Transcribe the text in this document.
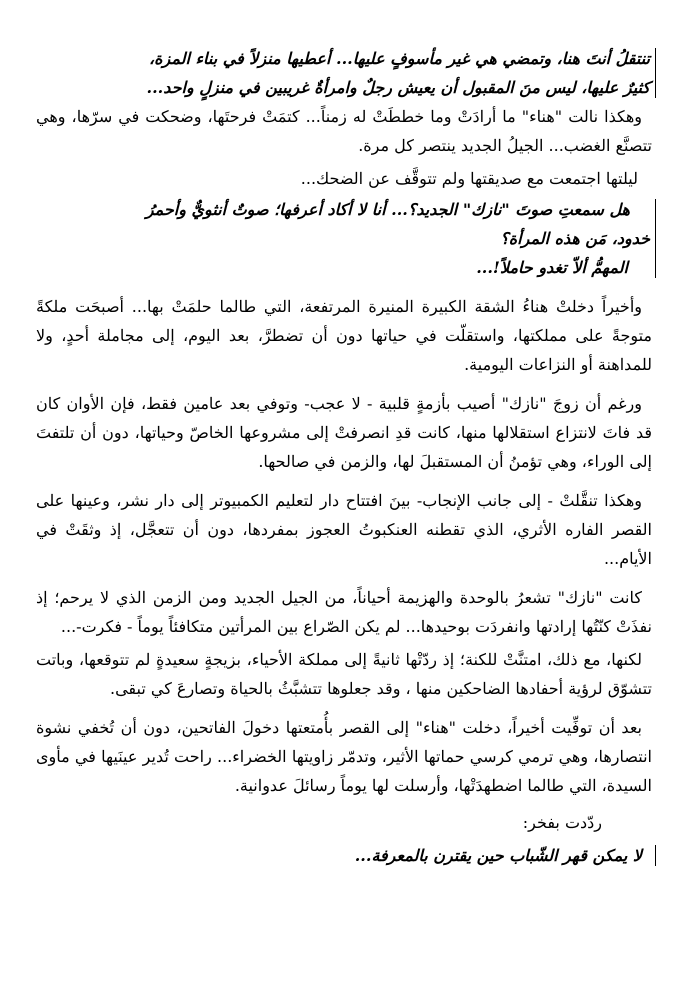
تنتقلُ أنتَ هنا، وتمضي هي غير مأسوفٍ عليها... أعطيها منزلاً في بناء المزة،

كثيرٌ عليها، ليس منَ المقبول أن يعيش رجلٌ وامرأةٌ غريبين في منزلٍ واحد...

وهكذا نالت "هناء" ما أرادَتْ وما خططَتْ له زمناً... كتمَتْ فرحتَها، وضحكت في سرّها، وهي تتصنَّع الغضب... الجيلُ الجديد ينتصر كل مرة.

ليلتها اجتمعت مع صديقتها ولم تتوقَّف عن الضحك...

هل سمعتِ صوتَ "نازك" الجديد؟... أنا لا أكاد أعرفها؛ صوتٌ أنثويٌّ وأحمرُ

خدود، مَن هذه المرأة؟

المهمُّ ألاّ تغدو حاملاً!...

وأخيراً دخلتْ هناءُ الشقة الكبيرة المنيرة المرتفعة، التي طالما حلمَتْ بها... أصبحَت ملكةً متوجةً على مملكتها، واستقلّت في حياتها دون أن تضطرَّ، بعد اليوم، إلى مجاملة أحدٍ، ولا للمداهنة أو النزاعات اليومية.

ورغم أن زوجَ "نازك" أصيب بأزمةٍ قلبية - لا عجب- وتوفي بعد عامين فقط، فإن الأوان كان قد فاتَ لانتزاع استقلالها منها، كانت قدِ انصرفتْ إلى مشروعها الخاصّ وحياتها، دون أن تلتفتَ إلى الوراء، وهي تؤمنُ أن المستقبلَ لها، والزمن في صالحها.

وهكذا تنقَّلتْ - إلى جانب الإنجاب- بينَ افتتاح دار لتعليم الكمبيوتر إلى دار نشر، وعينها على القصر الفاره الأثري، الذي تقطنه العنكبوتُ العجوز بمفردها، دون أن تتعجَّل، إذ وثقَتْ في الأيام...

كانت "نازك" تشعرُ بالوحدة والهزيمة أحياناً، من الجيل الجديد ومن الزمن الذي لا يرحم؛ إذ نفذَتْ كنّتُها إرادتها وانفردَت بوحيدها... لم يكن الصّراع بين المرأتين متكافئاً يوماً - فكرت-...

لكنها، مع ذلك، امتنَّتْ للكنة؛ إذ ردّتْها ثانيةً إلى مملكة الأحياء، بزيجةٍ سعيدةٍ لم تتوقعها، وباتت تتشوّق لرؤية أحفادها الضاحكين منها ، وقد جعلوها تتشبَّثُ بالحياة وتصارعَ كي تبقى.

بعد أن توفِّيت أخيراً، دخلت "هناء" إلى القصر بأُمتعتها دخولَ الفاتحين، دون أن تُخفي نشوة انتصارها، وهي ترمي كرسي حماتها الأثير، وتدمّر زاويتها الخضراء... راحت تُدير عينَيها في مأوى السيدة، التي طالما اضطهدَتْها، وأرسلت لها يوماً رسائلَ عدوانية.

ردّدت بفخر:

لا يمكن قهر الشّباب حين يقترن بالمعرفة...
